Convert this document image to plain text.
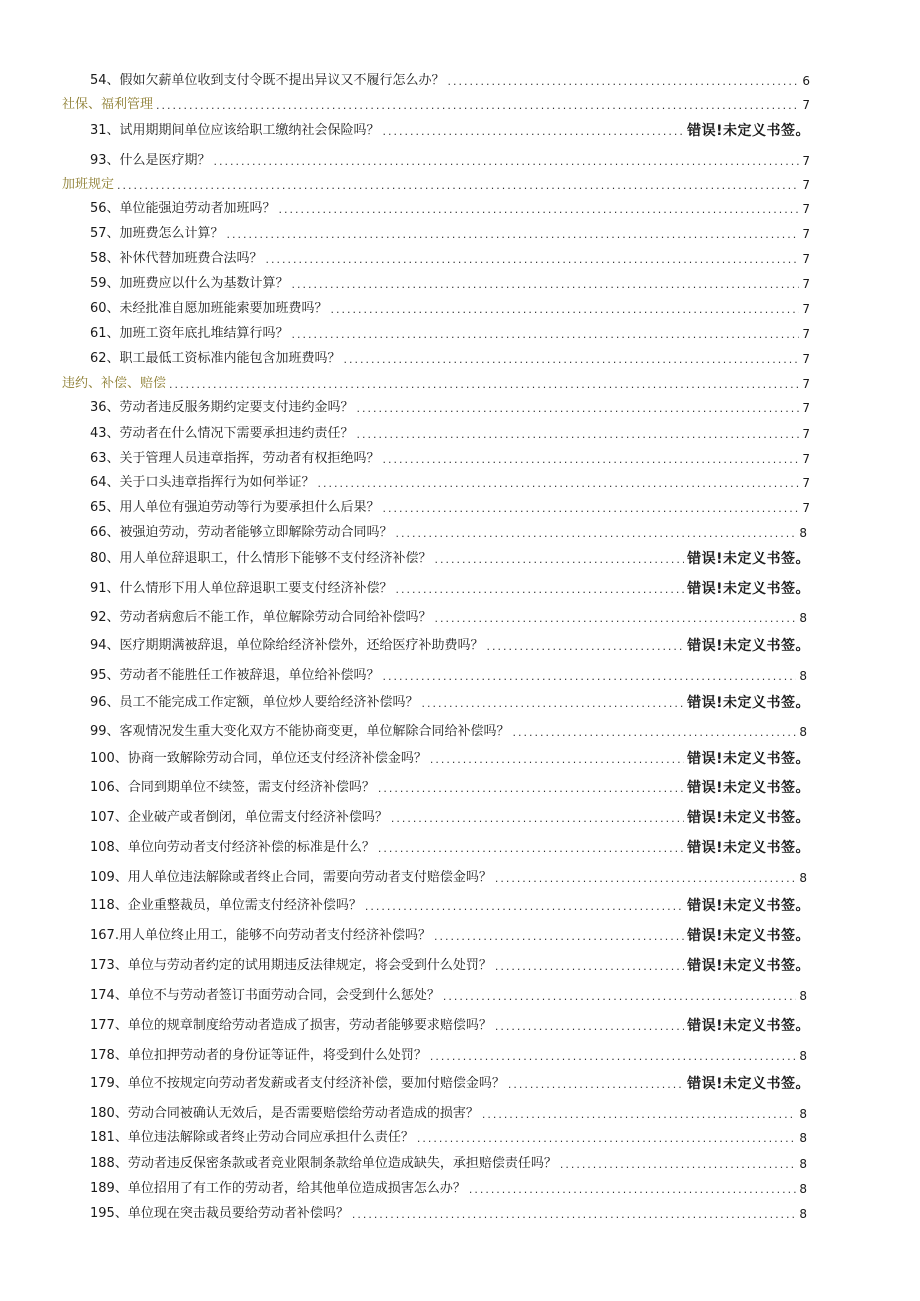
54、假如欠薪单位收到支付令既不提出异议又不履行怎么办？ .....	6
社保、福利管理 .....	7
31、试用期期间单位应该给职工缴纳社会保险吗？ .....	错误!未定义书签。
93、什么是医疗期？ .....	7
加班规定 .....	7
56、单位能强迫劳动者加班吗？ .....	7
57、加班费怎么计算？ .....	7
58、补休代替加班费合法吗？ .....	7
59、加班费应以什么为基数计算？ .....	7
60、未经批准自愿加班能索要加班费吗？ .....	7
61、加班工资年底扎堆结算行吗？ .....	7
62、职工最低工资标准内能包含加班费吗？ .....	7
违约、补偿、赔偿 .....	7
36、劳动者违反服务期约定要支付违约金吗？ .....	7
43、劳动者在什么情况下需要承担违约责任？ .....	7
63、关于管理人员违章指挥，劳动者有权拒绝吗？ .....	7
64、关于口头违章指挥行为如何举证？ .....	7
65、用人单位有强迫劳动等行为要承担什么后果？ .....	7
66、被强迫劳动，劳动者能够立即解除劳动合同吗？ .....	8
80、用人单位辞退职工，什么情形下能够不支付经济补偿？ .....	错误!未定义书签。
91、什么情形下用人单位辞退职工要支付经济补偿？ .....	错误!未定义书签。
92、劳动者病愈后不能工作，单位解除劳动合同给补偿吗？ .....	8
94、医疗期期满被辞退，单位除给经济补偿外，还给医疗补助费吗？ .....	错误!未定义书签。
95、劳动者不能胜任工作被辞退，单位给补偿吗？ .....	8
96、员工不能完成工作定额，单位炒人要给经济补偿吗？ .....	错误!未定义书签。
99、客观情况发生重大变化双方不能协商变更，单位解除合同给补偿吗？ .....	8
100、协商一致解除劳动合同，单位还支付经济补偿金吗？ .....	错误!未定义书签。
106、合同到期单位不续签，需支付经济补偿吗？ .....	错误!未定义书签。
107、企业破产或者倒闭，单位需支付经济补偿吗？ .....	错误!未定义书签。
108、单位向劳动者支付经济补偿的标准是什么？ .....	错误!未定义书签。
109、用人单位违法解除或者终止合同，需要向劳动者支付赔偿金吗？ .....	8
118、企业重整裁员，单位需支付经济补偿吗？ .....	错误!未定义书签。
167.用人单位终止用工，能够不向劳动者支付经济补偿吗？ .....	错误!未定义书签。
173、单位与劳动者约定的试用期违反法律规定，将会受到什么处罚？ .....	错误!未定义书签。
174、单位不与劳动者签订书面劳动合同，会受到什么惩处？ .....	8
177、单位的规章制度给劳动者造成了损害，劳动者能够要求赔偿吗？ .....	错误!未定义书签。
178、单位扣押劳动者的身份证等证件，将受到什么处罚？ .....	8
179、单位不按规定向劳动者发薪或者支付经济补偿，要加付赔偿金吗？ .....	错误!未定义书签。
180、劳动合同被确认无效后，是否需要赔偿给劳动者造成的损害？ .....	8
181、单位违法解除或者终止劳动合同应承担什么责任？ .....	8
188、劳动者违反保密条款或者竞业限制条款给单位造成缺失，承担赔偿责任吗？ .....	8
189、单位招用了有工作的劳动者，给其他单位造成损害怎么办？ .....	8
195、单位现在突击裁员要给劳动者补偿吗？ .....	8
